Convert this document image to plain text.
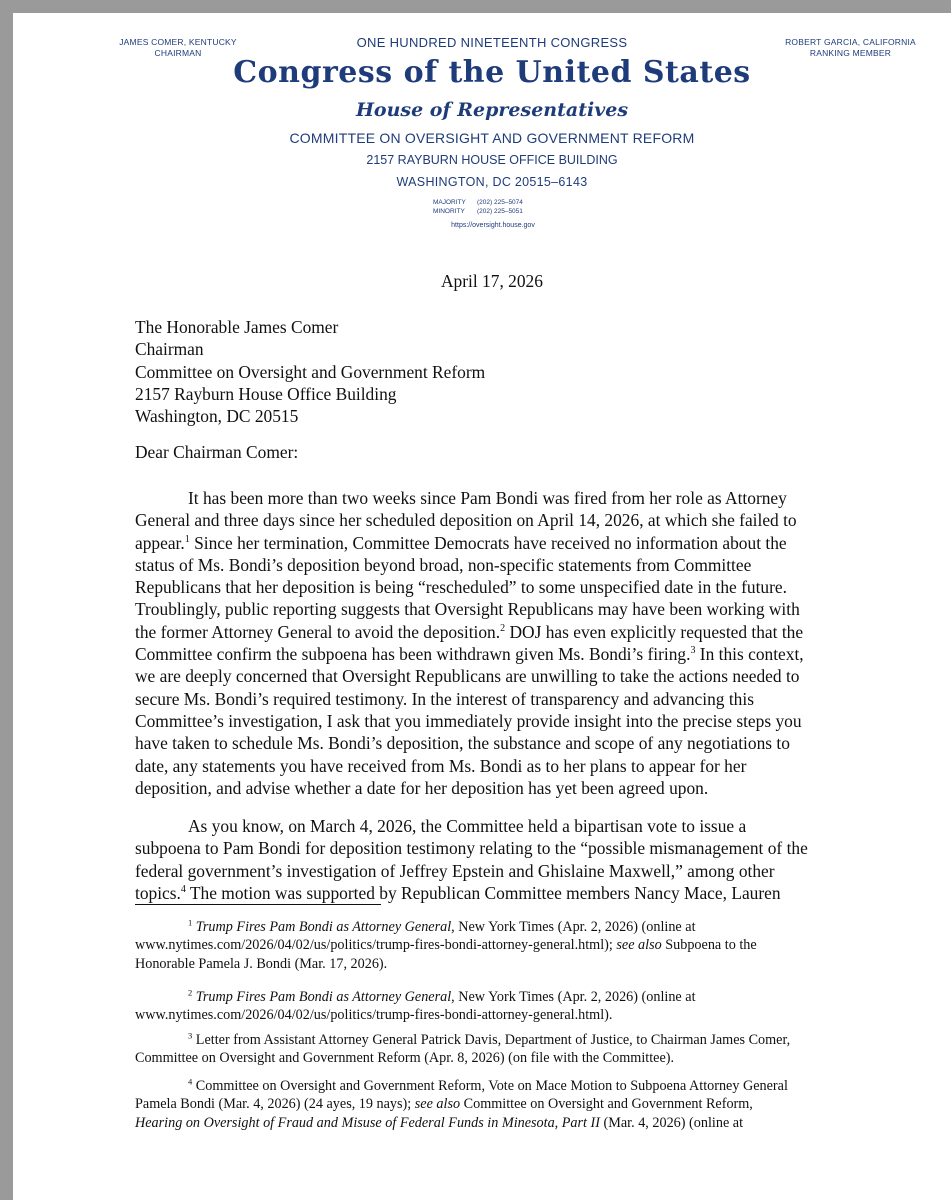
JAMES COMER, KENTUCKY
CHAIRMAN
ONE HUNDRED NINETEENTH CONGRESS	ROBERT GARCIA, CALIFORNIA
RANKING MEMBER
Congress of the United States
House of Representatives
COMMITTEE ON OVERSIGHT AND GOVERNMENT REFORM
2157 RAYBURN HOUSE OFFICE BUILDING
WASHINGTON, DC 20515–6143
MAJORITY (202) 225–5074
MINORITY (202) 225–5051
https://oversight.house.gov
April 17, 2026
The Honorable James Comer
Chairman
Committee on Oversight and Government Reform
2157 Rayburn House Office Building
Washington, DC 20515
Dear Chairman Comer:
It has been more than two weeks since Pam Bondi was fired from her role as Attorney
General and three days since her scheduled deposition on April 14, 2026, at which she failed to
appear.$^1$ Since her termination, Committee Democrats have received no information about the
status of Ms. Bondi’s deposition beyond broad, non-specific statements from Committee
Republicans that her deposition is being “rescheduled” to some unspecified date in the future.
Troublingly, public reporting suggests that Oversight Republicans may have been working with
the former Attorney General to avoid the deposition.$^2$ DOJ has even explicitly requested that the
Committee confirm the subpoena has been withdrawn given Ms. Bondi’s firing.$^3$ In this context,
we are deeply concerned that Oversight Republicans are unwilling to take the actions needed to
secure Ms. Bondi’s required testimony. In the interest of transparency and advancing this
Committee’s investigation, I ask that you immediately provide insight into the precise steps you
have taken to schedule Ms. Bondi’s deposition, the substance and scope of any negotiations to
date, any statements you have received from Ms. Bondi as to her plans to appear for her
deposition, and advise whether a date for her deposition has yet been agreed upon.
As you know, on March 4, 2026, the Committee held a bipartisan vote to issue a
subpoena to Pam Bondi for deposition testimony relating to the “possible mismanagement of the
federal government’s investigation of Jeffrey Epstein and Ghislaine Maxwell,” among other
topics.$^4$ The motion was supported by Republican Committee members Nancy Mace, Lauren
$^1$ Trump Fires Pam Bondi as Attorney General, New York Times (Apr. 2, 2026) (online at
www.nytimes.com/2026/04/02/us/politics/trump-fires-bondi-attorney-general.html); see also Subpoena to the
Honorable Pamela J. Bondi (Mar. 17, 2026).
$^2$ Trump Fires Pam Bondi as Attorney General, New York Times (Apr. 2, 2026) (online at
www.nytimes.com/2026/04/02/us/politics/trump-fires-bondi-attorney-general.html).
$^3$ Letter from Assistant Attorney General Patrick Davis, Department of Justice, to Chairman James Comer,
Committee on Oversight and Government Reform (Apr. 8, 2026) (on file with the Committee).
$^4$ Committee on Oversight and Government Reform, Vote on Mace Motion to Subpoena Attorney General
Pamela Bondi (Mar. 4, 2026) (24 ayes, 19 nays); see also Committee on Oversight and Government Reform,
Hearing on Oversight of Fraud and Misuse of Federal Funds in Minesota, Part II (Mar. 4, 2026) (online at
